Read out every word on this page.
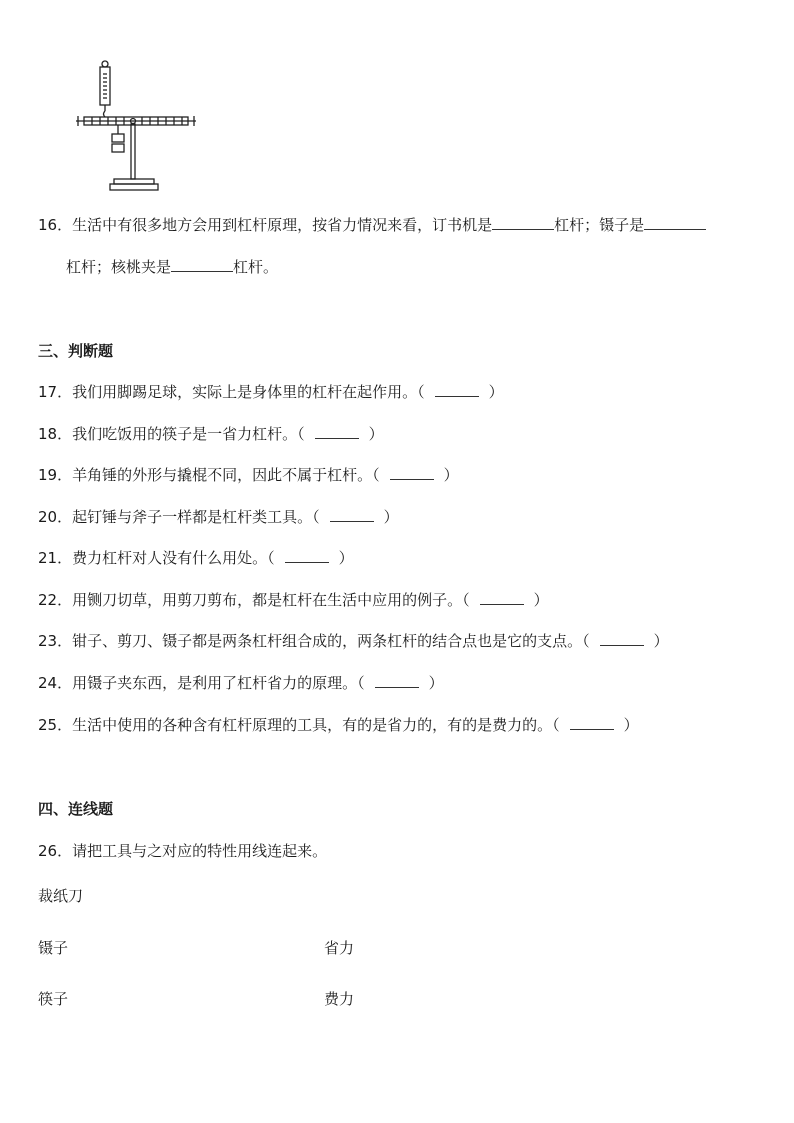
16．生活中有很多地方会用到杠杆原理，按省力情况来看，订书机是	杠杆；镊子是
杠杆；核桃夹是	杠杆。
三、判断题
17．我们用脚踢足球，实际上是身体里的杠杆在起作用。（	）
18．我们吃饭用的筷子是一省力杠杆。（	）
19．羊角锤的外形与撬棍不同，因此不属于杠杆。（	）
20．起钉锤与斧子一样都是杠杆类工具。（	）
21．费力杠杆对人没有什么用处。（	）
22．用铡刀切草，用剪刀剪布，都是杠杆在生活中应用的例子。（	）
23．钳子、剪刀、镊子都是两条杠杆组合成的，两条杠杆的结合点也是它的支点。（	）
24．用镊子夹东西，是利用了杠杆省力的原理。（	）
25．生活中使用的各种含有杠杆原理的工具，有的是省力的，有的是费力的。（	）
四、连线题
26．请把工具与之对应的特性用线连起来。
裁纸刀
镊子
筷子
省力
费力
